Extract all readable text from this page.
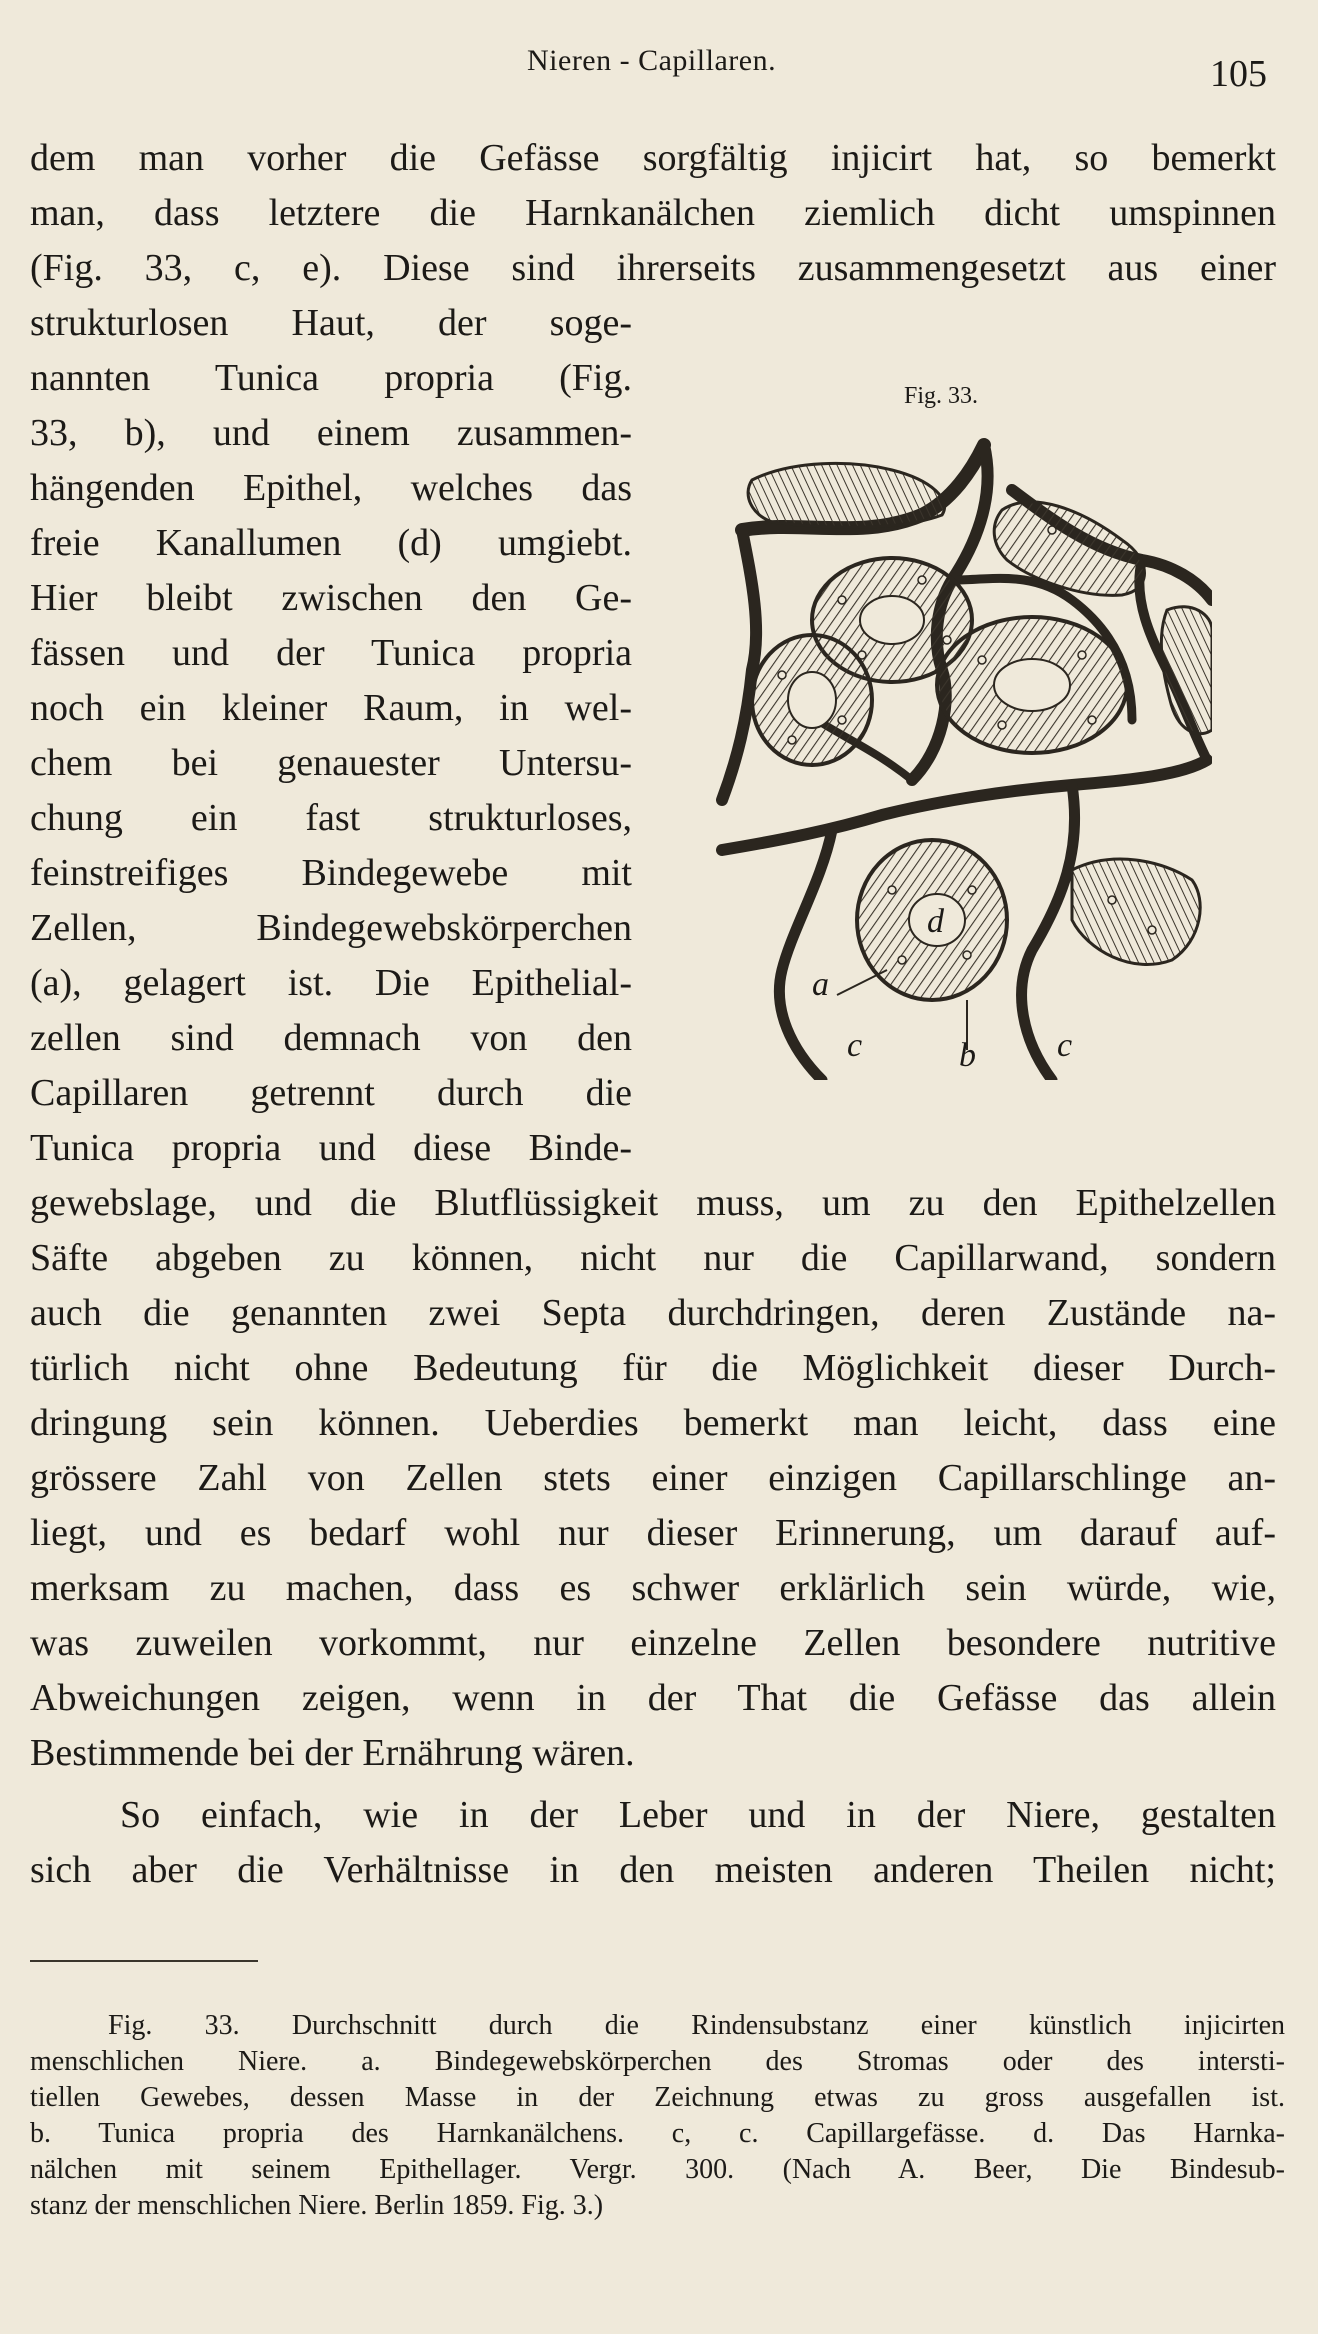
Nieren - Capillaren.	105
dem man vorher die Gefässe sorgfältig injicirt hat, so bemerkt
man, dass letztere die Harnkanälchen ziemlich dicht umspinnen
(Fig. 33, c, e). Diese sind ihrerseits zusammengesetzt aus einer
strukturlosen Haut, der soge-
nannten Tunica propria (Fig.
33, b), und einem zusammen-
hängenden Epithel, welches das
freie Kanallumen (d) umgiebt.
Hier bleibt zwischen den Ge-
fässen und der Tunica propria
noch ein kleiner Raum, in wel-
chem bei genauester Untersu-
chung ein fast strukturloses,
feinstreifiges Bindegewebe mit
Zellen, Bindegewebskörperchen
(a), gelagert ist. Die Epithelial-
zellen sind demnach von den
Capillaren getrennt durch die
Tunica propria und diese Binde-
gewebslage, und die Blutflüssigkeit muss, um zu den Epithelzellen
Säfte abgeben zu können, nicht nur die Capillarwand, sondern
auch die genannten zwei Septa durchdringen, deren Zustände na-
türlich nicht ohne Bedeutung für die Möglichkeit dieser Durch-
dringung sein können. Ueberdies bemerkt man leicht, dass eine
grössere Zahl von Zellen stets einer einzigen Capillarschlinge an-
liegt, und es bedarf wohl nur dieser Erinnerung, um darauf auf-
merksam zu machen, dass es schwer erklärlich sein würde, wie,
was zuweilen vorkommt, nur einzelne Zellen besondere nutritive
Abweichungen zeigen, wenn in der That die Gefässe das allein
Bestimmende bei der Ernährung wären.
So einfach, wie in der Leber und in der Niere, gestalten
sich aber die Verhältnisse in den meisten anderen Theilen nicht;
Fig. 33.
d
a
c	b c
Fig. 33. Durchschnitt durch die Rindensubstanz einer künstlich injicirten
menschlichen Niere. a. Bindegewebskörperchen des Stromas oder des intersti-
tiellen Gewebes, dessen Masse in der Zeichnung etwas zu gross ausgefallen ist.
b. Tunica propria des Harnkanälchens. c, c. Capillargefässe. d. Das Harnka-
nälchen mit seinem Epithellager. Vergr. 300. (Nach A. Beer, Die Bindesub-
stanz der menschlichen Niere. Berlin 1859. Fig. 3.)
